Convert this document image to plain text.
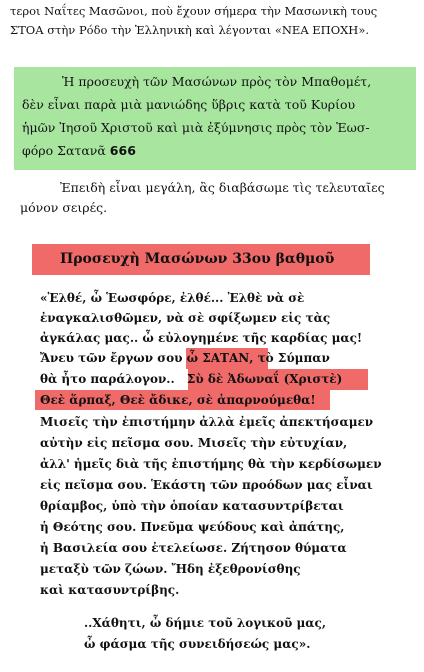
τεροι Ναΐτες Μασῶνοι, ποὺ ἔχουν σήμερα τὴν Μασωνικὴ τους
ΣΤΟΑ στὴν Ρόδο τὴν Ἑλληνικὴ καὶ λέγονται «ΝΕΑ ΕΠΟΧΗ».
Ἡ προσευχὴ τῶν Μασώνων πρὸς τὸν Μπαθομέτ,
δὲν εἶναι παρὰ μιὰ μανιώδης ὕβρις κατὰ τοῦ Κυρίου
ἡμῶν Ἰησοῦ Χριστοῦ καὶ μιὰ ἐξύμνησις πρὸς τὸν Ἑωσ-
φόρο Σατανᾶ 666
Ἐπειδὴ εἶναι μεγάλη, ἂς διαβάσωμε τὶς τελευταῖες
μόνον σειρές.
Προσευχὴ Μασώνων 33ου βαθμοῦ
«Ἐλθέ, ὦ Ἑωσφόρε, ἐλθέ... Ἐλθὲ νὰ σὲ
ἐναγκαλισθῶμεν, νὰ σὲ σφίξωμεν εἰς τὰς
ἀγκάλας μας.. ὦ εὐλογημένε τῆς καρδίας μας!
Ἄνευ τῶν ἔργων σου ὦ ΣΑΤΑΝ, τὸ Σύμπαν
θὰ ἦτο παράλογον.. Σὺ δὲ Ἀδωναΐ (Χριστὲ)
Θεὲ ἅρπαξ, Θεὲ ἄδικε, σὲ ἀπαρνούμεθα!
Μισεῖς τὴν ἐπιστήμην ἀλλὰ ἐμεῖς ἀπεκτήσαμεν
αὐτὴν εἰς πεῖσμα σου. Μισεῖς τὴν εὐτυχίαν,
ἀλλ' ἡμεῖς διὰ τῆς ἐπιστήμης θὰ τὴν κερδίσωμεν
εἰς πεῖσμα σου. Ἑκάστη τῶν προόδων μας εἶναι
θρίαμβος, ὑπὸ τὴν ὁποίαν κατασυντρίβεται
ἡ Θεότης σου. Πνεῦμα ψεύδους καὶ ἀπάτης,
ἡ Βασιλεία σου ἐτελείωσε. Ζήτησον θύματα
μεταξὺ τῶν ζώων. Ἤδη ἐξεθρονίσθης
καὶ κατασυντρίβης.
..Χάθητι, ὦ δήμιε τοῦ λογικοῦ μας,
ὦ φάσμα τῆς συνειδήσεώς μας».
